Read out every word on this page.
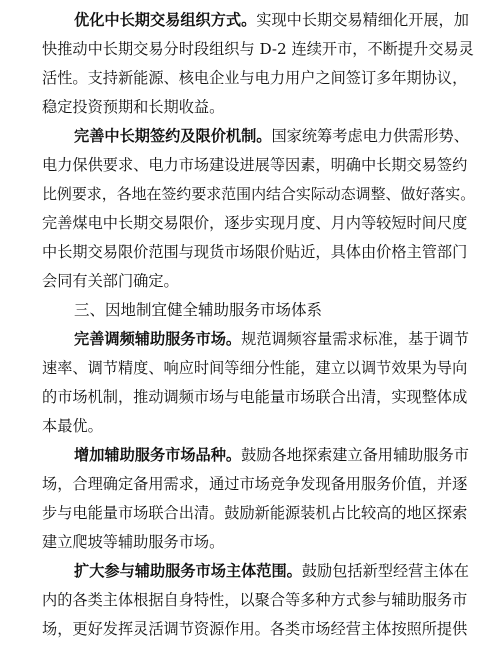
优化中长期交易组织方式。实现中长期交易精细化开展，加
快推动中长期交易分时段组织与 D-2 连续开市，不断提升交易灵
活性。支持新能源、核电企业与电力用户之间签订多年期协议，
稳定投资预期和长期收益。
完善中长期签约及限价机制。国家统筹考虑电力供需形势、
电力保供要求、电力市场建设进展等因素，明确中长期交易签约
比例要求，各地在签约要求范围内结合实际动态调整、做好落实。
完善煤电中长期交易限价，逐步实现月度、月内等较短时间尺度
中长期交易限价范围与现货市场限价贴近，具体由价格主管部门
会同有关部门确定。
三、因地制宜健全辅助服务市场体系
完善调频辅助服务市场。规范调频容量需求标准，基于调节
速率、调节精度、响应时间等细分性能，建立以调节效果为导向
的市场机制，推动调频市场与电能量市场联合出清，实现整体成
本最优。
增加辅助服务市场品种。鼓励各地探索建立备用辅助服务市
场，合理确定备用需求，通过市场竞争发现备用服务价值，并逐
步与电能量市场联合出清。鼓励新能源装机占比较高的地区探索
建立爬坡等辅助服务市场。
扩大参与辅助服务市场主体范围。鼓励包括新型经营主体在
内的各类主体根据自身特性，以聚合等多种方式参与辅助服务市
场，更好发挥灵活调节资源作用。各类市场经营主体按照所提供
